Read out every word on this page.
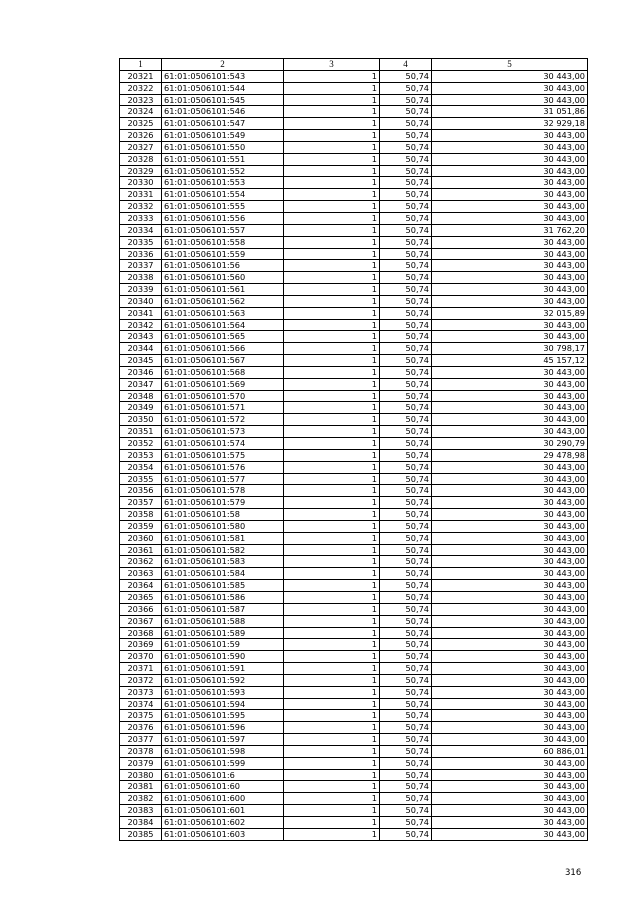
1	2	3	4	5
20321	61:01:0506101:543	1	50,74	30 443,00
20322	61:01:0506101:544	1	50,74	30 443,00
20323	61:01:0506101:545	1	50,74	30 443,00
20324	61:01:0506101:546	1	50,74	31 051,86
20325	61:01:0506101:547	1	50,74	32 929,18
20326	61:01:0506101:549	1	50,74	30 443,00
20327	61:01:0506101:550	1	50,74	30 443,00
20328	61:01:0506101:551	1	50,74	30 443,00
20329	61:01:0506101:552	1	50,74	30 443,00
20330	61:01:0506101:553	1	50,74	30 443,00
20331	61:01:0506101:554	1	50,74	30 443,00
20332	61:01:0506101:555	1	50,74	30 443,00
20333	61:01:0506101:556	1	50,74	30 443,00
20334	61:01:0506101:557	1	50,74	31 762,20
20335	61:01:0506101:558	1	50,74	30 443,00
20336	61:01:0506101:559	1	50,74	30 443,00
20337	61:01:0506101:56	1	50,74	30 443,00
20338	61:01:0506101:560	1	50,74	30 443,00
20339	61:01:0506101:561	1	50,74	30 443,00
20340	61:01:0506101:562	1	50,74	30 443,00
20341	61:01:0506101:563	1	50,74	32 015,89
20342	61:01:0506101:564	1	50,74	30 443,00
20343	61:01:0506101:565	1	50,74	30 443,00
20344	61:01:0506101:566	1	50,74	30 798,17
20345	61:01:0506101:567	1	50,74	45 157,12
20346	61:01:0506101:568	1	50,74	30 443,00
20347	61:01:0506101:569	1	50,74	30 443,00
20348	61:01:0506101:570	1	50,74	30 443,00
20349	61:01:0506101:571	1	50,74	30 443,00
20350	61:01:0506101:572	1	50,74	30 443,00
20351	61:01:0506101:573	1	50,74	30 443,00
20352	61:01:0506101:574	1	50,74	30 290,79
20353	61:01:0506101:575	1	50,74	29 478,98
20354	61:01:0506101:576	1	50,74	30 443,00
20355	61:01:0506101:577	1	50,74	30 443,00
20356	61:01:0506101:578	1	50,74	30 443,00
20357	61:01:0506101:579	1	50,74	30 443,00
20358	61:01:0506101:58	1	50,74	30 443,00
20359	61:01:0506101:580	1	50,74	30 443,00
20360	61:01:0506101:581	1	50,74	30 443,00
20361	61:01:0506101:582	1	50,74	30 443,00
20362	61:01:0506101:583	1	50,74	30 443,00
20363	61:01:0506101:584	1	50,74	30 443,00
20364	61:01:0506101:585	1	50,74	30 443,00
20365	61:01:0506101:586	1	50,74	30 443,00
20366	61:01:0506101:587	1	50,74	30 443,00
20367	61:01:0506101:588	1	50,74	30 443,00
20368	61:01:0506101:589	1	50,74	30 443,00
20369	61:01:0506101:59	1	50,74	30 443,00
20370	61:01:0506101:590	1	50,74	30 443,00
20371	61:01:0506101:591	1	50,74	30 443,00
20372	61:01:0506101:592	1	50,74	30 443,00
20373	61:01:0506101:593	1	50,74	30 443,00
20374	61:01:0506101:594	1	50,74	30 443,00
20375	61:01:0506101:595	1	50,74	30 443,00
20376	61:01:0506101:596	1	50,74	30 443,00
20377	61:01:0506101:597	1	50,74	30 443,00
20378	61:01:0506101:598	1	50,74	60 886,01
20379	61:01:0506101:599	1	50,74	30 443,00
20380	61:01:0506101:6	1	50,74	30 443,00
20381	61:01:0506101:60	1	50,74	30 443,00
20382	61:01:0506101:600	1	50,74	30 443,00
20383	61:01:0506101:601	1	50,74	30 443,00
20384	61:01:0506101:602	1	50,74	30 443,00
20385	61:01:0506101:603	1	50,74	30 443,00
316
